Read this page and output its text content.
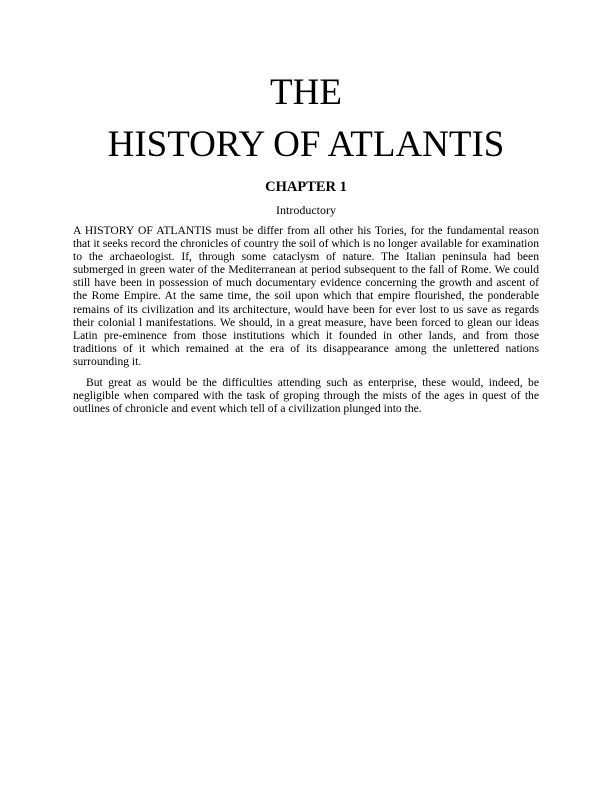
THE
HISTORY OF ATLANTIS
CHAPTER 1
Introductory

A HISTORY OF ATLANTIS must be differ from all other his Tories, for the fundamental reason that it seeks record the chronicles of country the soil of which is no longer available for examination to the archaeologist. If, through some cataclysm of nature. The Italian peninsula had been submerged in green water of the Mediterranean at period subsequent to the fall of Rome. We could still have been in possession of much documentary evidence concerning the growth and ascent of the Rome Empire. At the same time, the soil upon which that empire flourished, the ponderable remains of its civilization and its architecture, would have been for ever lost to us save as regards their colonial l manifestations. We should, in a great measure, have been forced to glean our ideas Latin pre-eminence from those institutions which it founded in other lands, and from those traditions of it which remained at the era of its disappearance among the unlettered nations surrounding it.

But great as would be the difficulties attending such as enterprise, these would, indeed, be negligible when compared with the task of groping through the mists of the ages in quest of the outlines of chronicle and event which tell of a civilization plunged into the.
